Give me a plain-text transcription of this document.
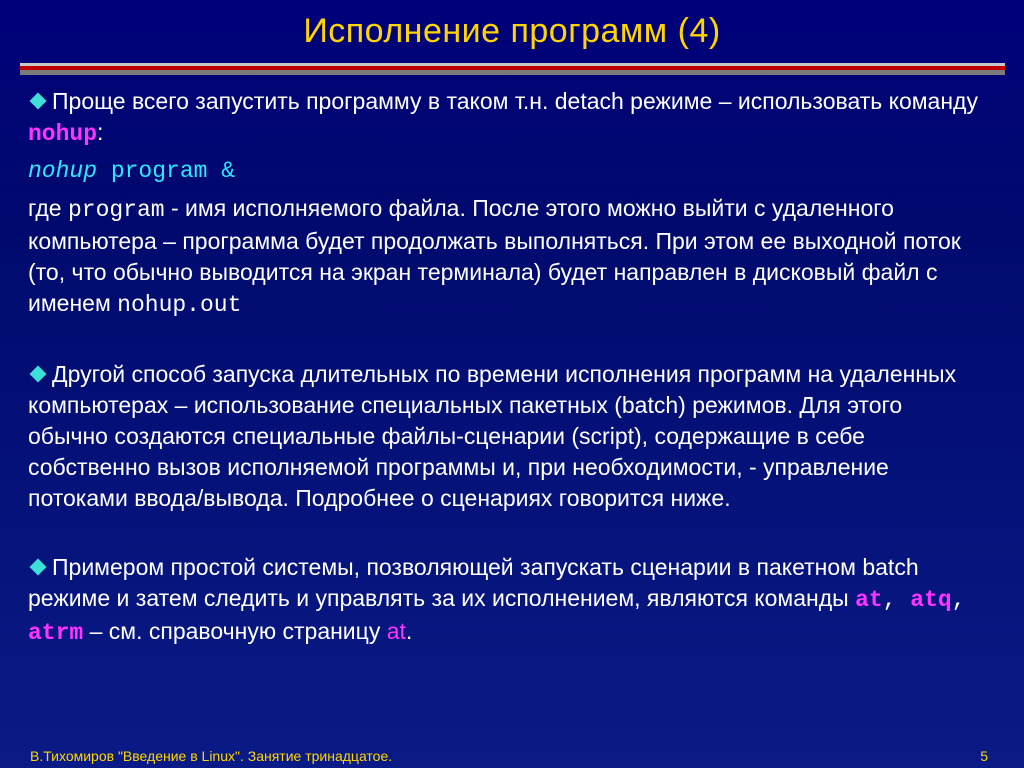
Исполнение программ (4)

Проще всего запустить программу в таком т.н. detach режиме – использовать команду nohup:

nohup program &

где program - имя исполняемого файла. После этого можно выйти с удаленного компьютера – программа будет продолжать выполняться. При этом ее выходной поток (то, что обычно выводится на экран терминала) будет направлен в дисковый файл с именем nohup.out

Другой способ запуска длительных по времени исполнения программ на удаленных компьютерах – использование специальных пакетных (batch) режимов. Для этого обычно создаются специальные файлы-сценарии (script), содержащие в себе собственно вызов исполняемой программы и, при необходимости, - управление потоками ввода/вывода. Подробнее о сценариях говорится ниже.

Примером простой системы, позволяющей запускать сценарии в пакетном batch режиме и затем следить и управлять за их исполнением, являются команды at, atq, atrm – см. справочную страницу at.

В.Тихомиров "Введение в Linux". Занятие тринадцатое.	5
